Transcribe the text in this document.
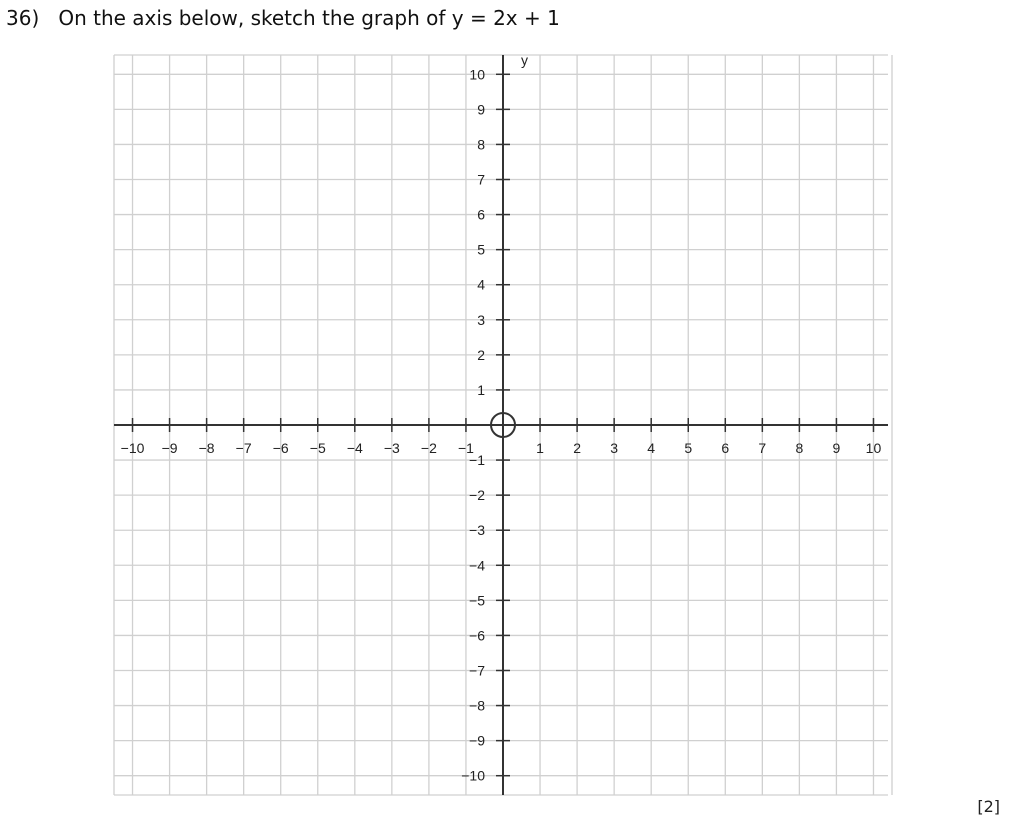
36) On the axis below, sketch the graph of y = 2x + 1
−10 −9 −8 −7 −6 −5 −4 −3 −2 −1	1 2 3 4 5 6 7 8 9 10
10
9
8
7
6
5
4
3
2
1
−1
−2
−3
−4
−5
−6
−7
−8
−9
−10
y
[2]
